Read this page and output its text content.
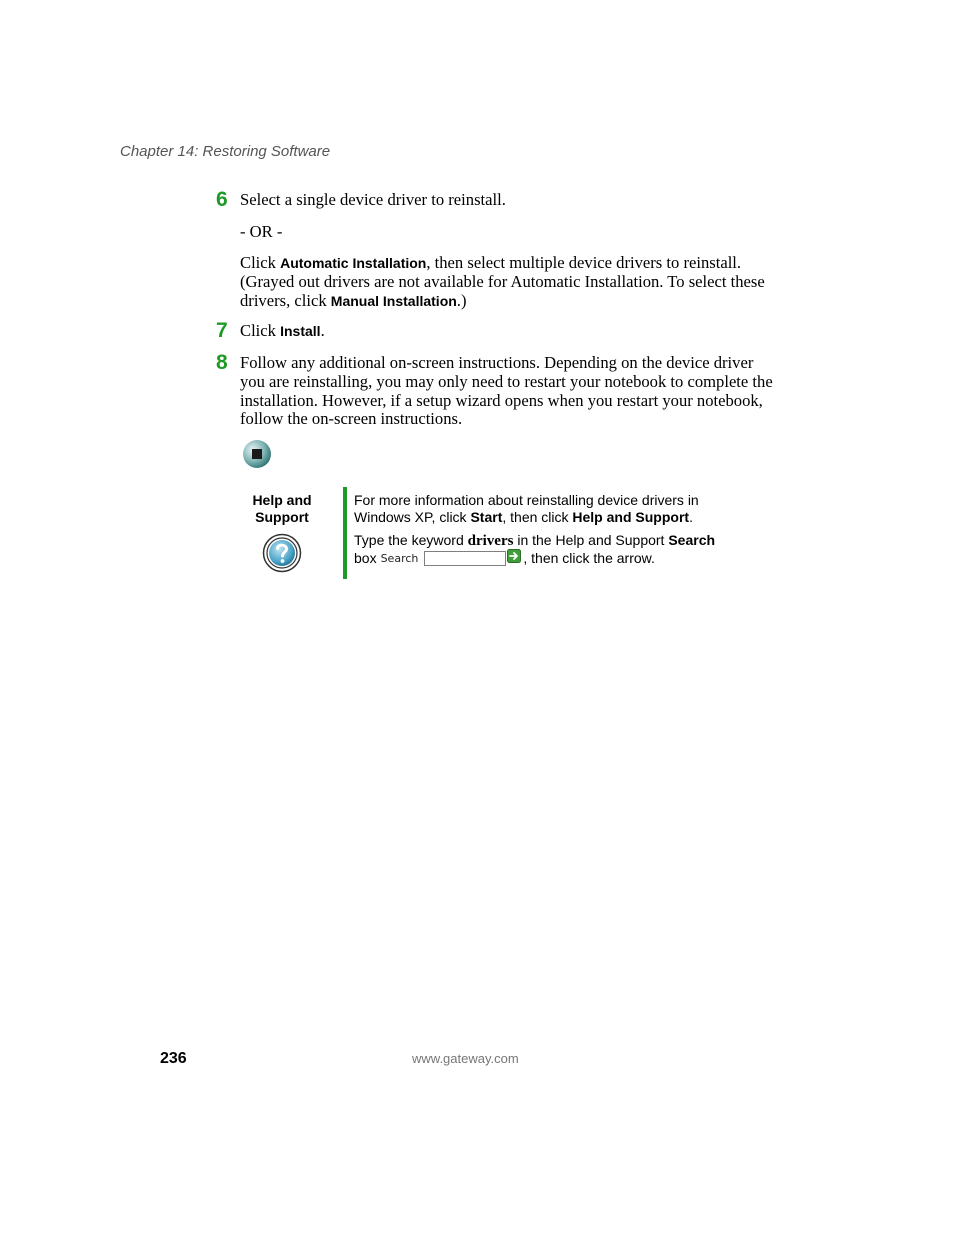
Chapter 14: Restoring Software
6 Select a single device driver to reinstall.
- OR -
Click Automatic Installation, then select multiple device drivers to reinstall. (Grayed out drivers are not available for Automatic Installation. To select these drivers, click Manual Installation.)
7 Click Install.
8 Follow any additional on-screen instructions. Depending on the device driver you are reinstalling, you may only need to restart your notebook to complete the installation. However, if a setup wizard opens when you restart your notebook, follow the on-screen instructions.
Help and
Support
For more information about reinstalling device drivers in Windows XP, click Start, then click Help and Support.
Type the keyword drivers in the Help and Support Search
box Search	, then click the arrow.
236	www.gateway.com
